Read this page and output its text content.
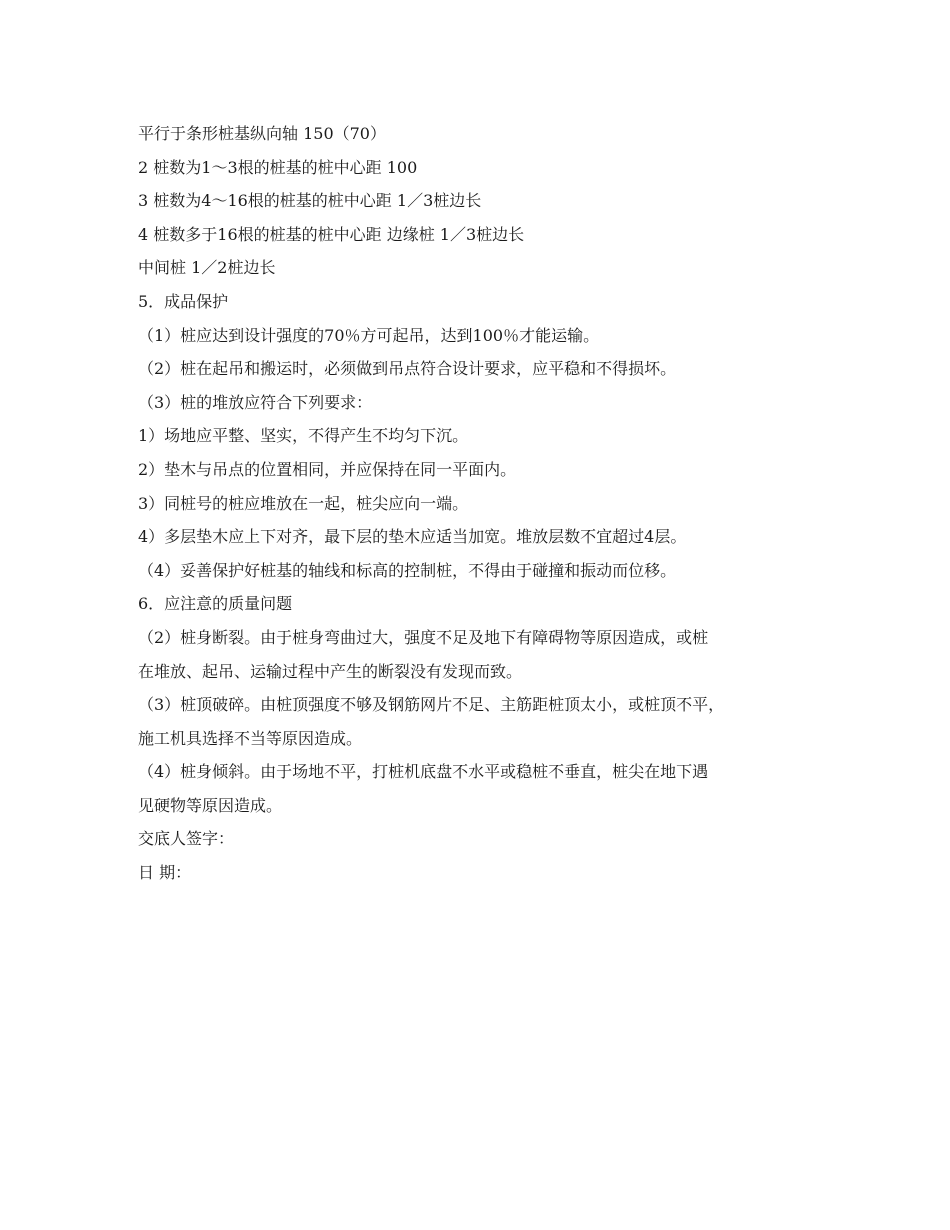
平行于条形桩基纵向轴 150（70）
2 桩数为1～3根的桩基的桩中心距 100
3 桩数为4～16根的桩基的桩中心距 1／3桩边长
4 桩数多于16根的桩基的桩中心距 边缘桩 1／3桩边长
中间桩 1／2桩边长
5．成品保护
（1）桩应达到设计强度的70％方可起吊，达到100％才能运输。
（2）桩在起吊和搬运时，必须做到吊点符合设计要求，应平稳和不得损坏。
（3）桩的堆放应符合下列要求：
1）场地应平整、坚实，不得产生不均匀下沉。
2）垫木与吊点的位置相同，并应保持在同一平面内。
3）同桩号的桩应堆放在一起，桩尖应向一端。
4）多层垫木应上下对齐，最下层的垫木应适当加宽。堆放层数不宜超过4层。
（4）妥善保护好桩基的轴线和标高的控制桩，不得由于碰撞和振动而位移。
6．应注意的质量问题
（2）桩身断裂。由于桩身弯曲过大，强度不足及地下有障碍物等原因造成，或桩
在堆放、起吊、运输过程中产生的断裂没有发现而致。
（3）桩顶破碎。由桩顶强度不够及钢筋网片不足、主筋距桩顶太小，或桩顶不平，
施工机具选择不当等原因造成。
（4）桩身倾斜。由于场地不平，打桩机底盘不水平或稳桩不垂直，桩尖在地下遇
见硬物等原因造成。
交底人签字：
日 期：
